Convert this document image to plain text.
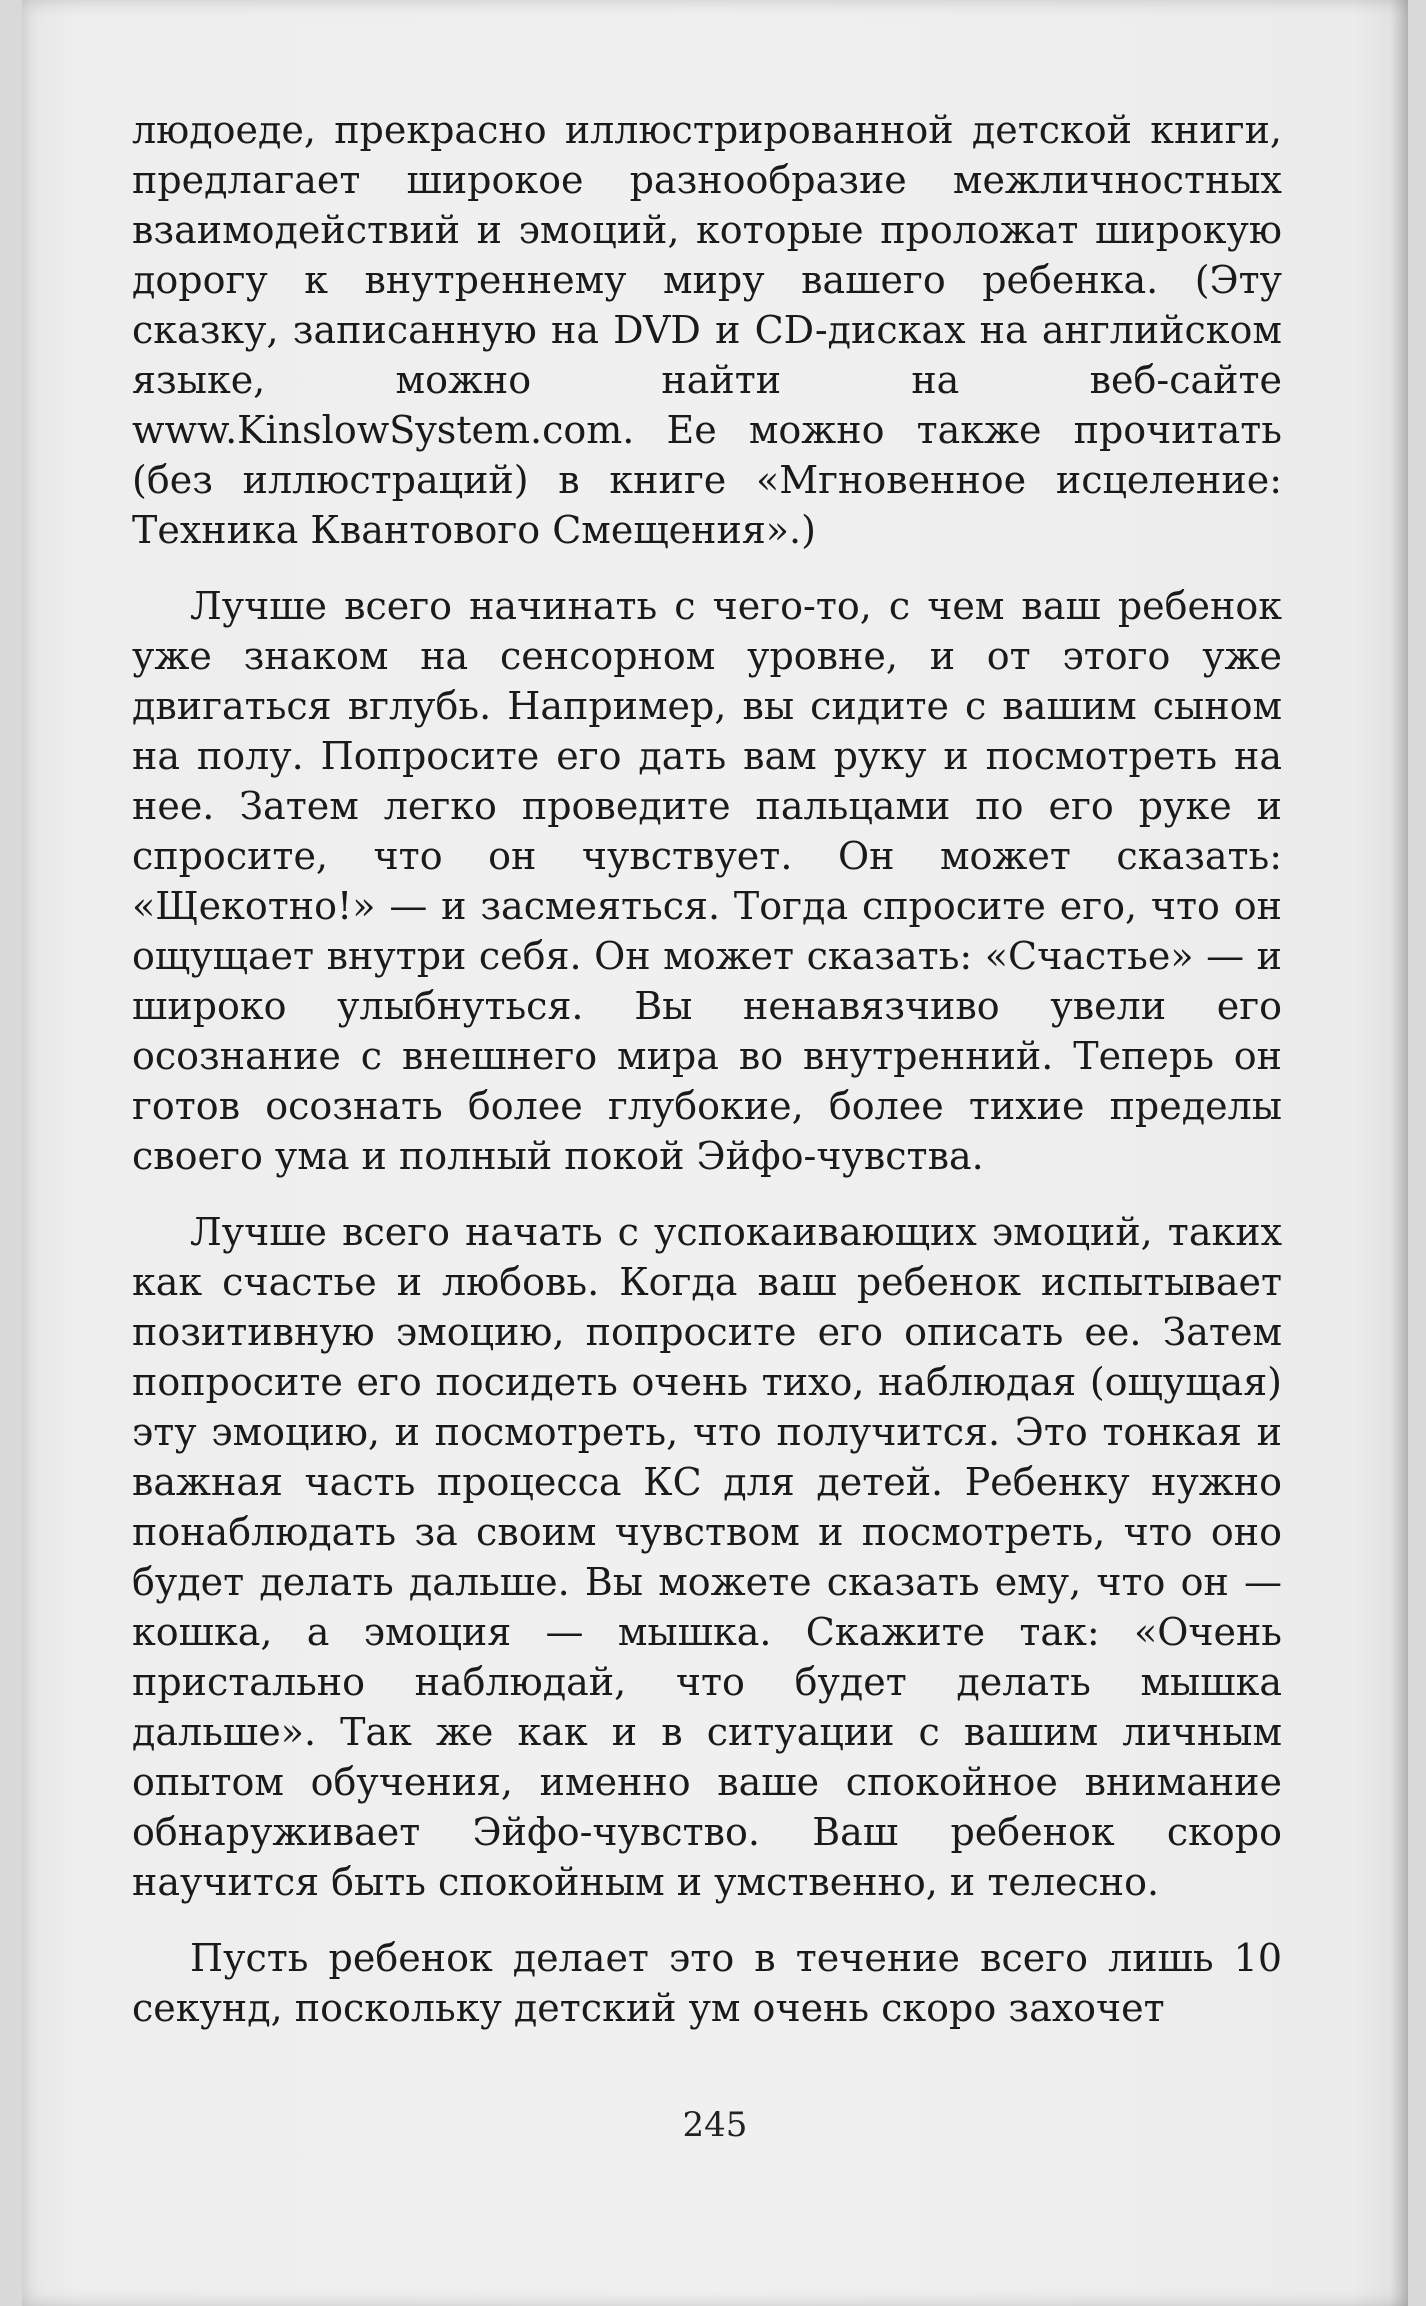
людоеде, прекрасно иллюстрированной детской книги, предлагает широкое разнообразие межличностных взаимодействий и эмоций, которые проложат широкую дорогу к внутреннему миру вашего ребенка. (Эту сказку, записанную на DVD и CD-дисках на английском языке, можно найти на веб-сайте www.KinslowSystem.com. Ее можно также прочитать (без иллюстраций) в книге «Мгновенное исцеление: Техника Квантового Смещения».)

Лучше всего начинать с чего-то, с чем ваш ребенок уже знаком на сенсорном уровне, и от этого уже двигаться вглубь. Например, вы сидите с вашим сыном на полу. Попросите его дать вам руку и посмотреть на нее. Затем легко проведите пальцами по его руке и спросите, что он чувствует. Он может сказать: «Щекотно!» — и засмеяться. Тогда спросите его, что он ощущает внутри себя. Он может сказать: «Счастье» — и широко улыбнуться. Вы ненавязчиво увели его осознание с внешнего мира во внутренний. Теперь он готов осознать более глубокие, более тихие пределы своего ума и полный покой Эйфо-чувства.

Лучше всего начать с успокаивающих эмоций, таких как счастье и любовь. Когда ваш ребенок испытывает позитивную эмоцию, попросите его описать ее. Затем попросите его посидеть очень тихо, наблюдая (ощущая) эту эмоцию, и посмотреть, что получится. Это тонкая и важная часть процесса КС для детей. Ребенку нужно понаблюдать за своим чувством и посмотреть, что оно будет делать дальше. Вы можете сказать ему, что он — кошка, а эмоция — мышка. Скажите так: «Очень пристально наблюдай, что будет делать мышка дальше». Так же как и в ситуации с вашим личным опытом обучения, именно ваше спокойное внимание обнаруживает Эйфо-чувство. Ваш ребенок скоро научится быть спокойным и умственно, и телесно.

Пусть ребенок делает это в течение всего лишь 10 секунд, поскольку детский ум очень скоро захочет

245
